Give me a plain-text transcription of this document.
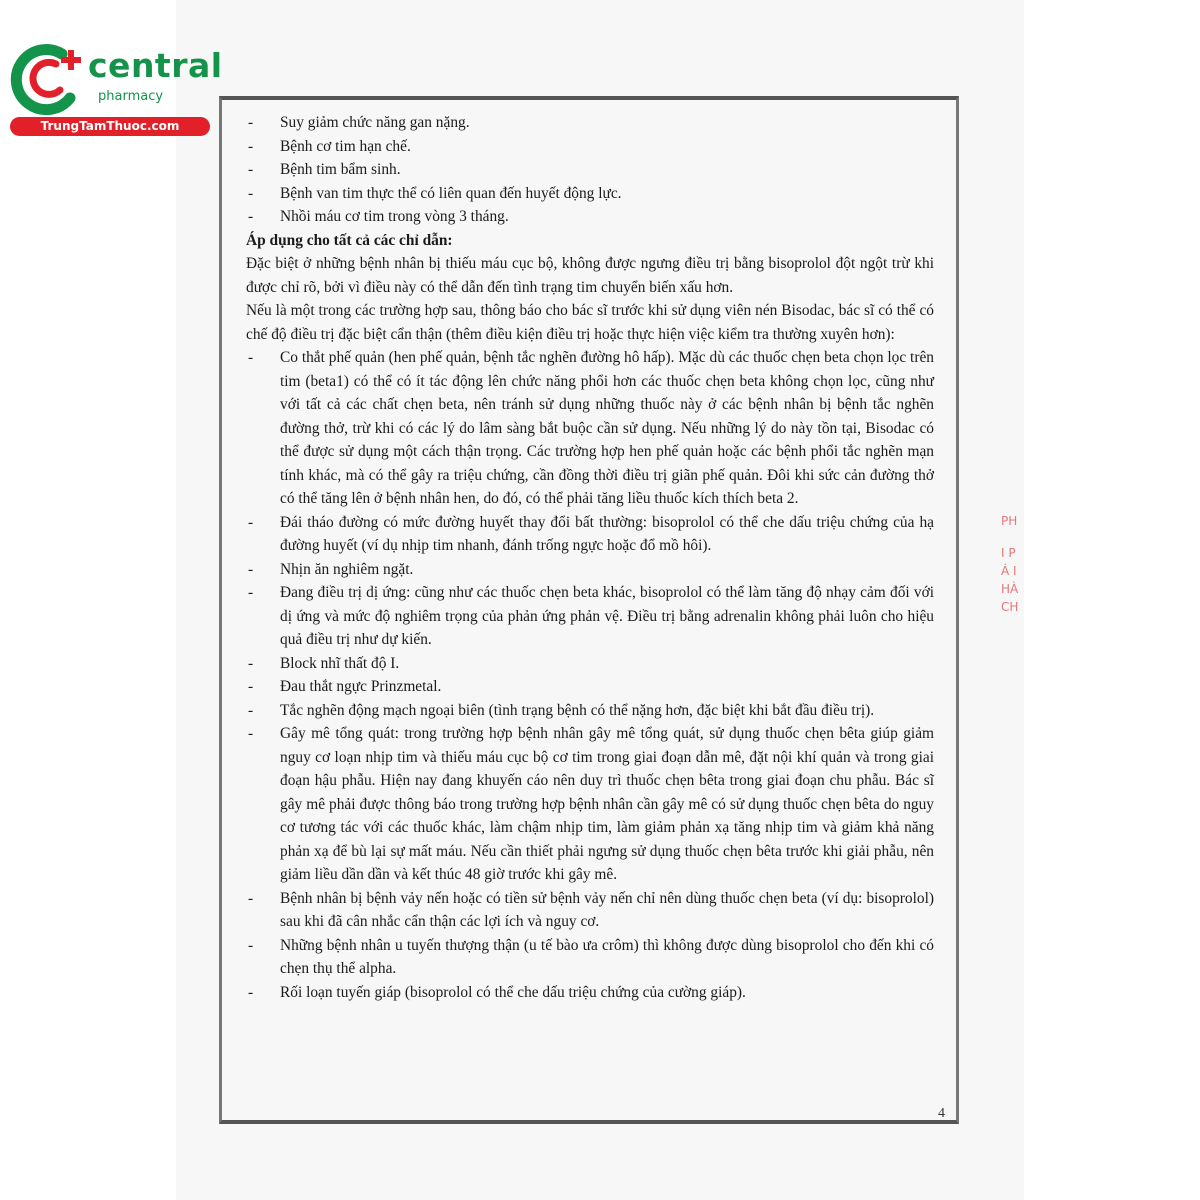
central
pharmacy
TrungTamThuoc.com
-	Suy giảm chức năng gan nặng.
- Bệnh cơ tim hạn chế.
- Bệnh tim bẩm sinh.
- Bệnh van tim thực thể có liên quan đến huyết động lực.
- Nhồi máu cơ tim trong vòng 3 tháng.
Áp dụng cho tất cả các chỉ dẫn:
Đặc biệt ở những bệnh nhân bị thiếu máu cục bộ, không được ngưng điều trị bằng bisoprolol đột ngột trừ khi được chỉ rõ, bởi vì điều này có thể dẫn đến tình trạng tim chuyển biến xấu hơn.
Nếu là một trong các trường hợp sau, thông báo cho bác sĩ trước khi sử dụng viên nén Bisodac, bác sĩ có thể có chế độ điều trị đặc biệt cẩn thận (thêm điều kiện điều trị hoặc thực hiện việc kiểm tra thường xuyên hơn):
- Co thắt phế quản (hen phế quản, bệnh tắc nghẽn đường hô hấp). Mặc dù các thuốc chẹn beta chọn lọc trên tim (beta1) có thể có ít tác động lên chức năng phổi hơn các thuốc chẹn beta không chọn lọc, cũng như với tất cả các chất chẹn beta, nên tránh sử dụng những thuốc này ở các bệnh nhân bị bệnh tắc nghẽn đường thở, trừ khi có các lý do lâm sàng bắt buộc cần sử dụng. Nếu những lý do này tồn tại, Bisodac có thể được sử dụng một cách thận trọng. Các trường hợp hen phế quản hoặc các bệnh phổi tắc nghẽn mạn tính khác, mà có thể gây ra triệu chứng, cần đồng thời điều trị giãn phế quản. Đôi khi sức cản đường thở có thể tăng lên ở bệnh nhân hen, do đó, có thể phải tăng liều thuốc kích thích beta 2.
- Đái tháo đường có mức đường huyết thay đổi bất thường: bisoprolol có thể che dấu triệu chứng của hạ đường huyết (ví dụ nhịp tim nhanh, đánh trống ngực hoặc đổ mồ hôi).
- Nhịn ăn nghiêm ngặt.
- Đang điều trị dị ứng: cũng như các thuốc chẹn beta khác, bisoprolol có thể làm tăng độ nhạy cảm đối với dị ứng và mức độ nghiêm trọng của phản ứng phản vệ. Điều trị bằng adrenalin không phải luôn cho hiệu quả điều trị như dự kiến.
- Block nhĩ thất độ I.
- Đau thắt ngực Prinzmetal.
- Tắc nghẽn động mạch ngoại biên (tình trạng bệnh có thể nặng hơn, đặc biệt khi bắt đầu điều trị).
- Gây mê tổng quát: trong trường hợp bệnh nhân gây mê tổng quát, sử dụng thuốc chẹn bêta giúp giảm nguy cơ loạn nhịp tim và thiếu máu cục bộ cơ tim trong giai đoạn dẫn mê, đặt nội khí quản và trong giai đoạn hậu phẫu. Hiện nay đang khuyến cáo nên duy trì thuốc chẹn bêta trong giai đoạn chu phẫu. Bác sĩ gây mê phải được thông báo trong trường hợp bệnh nhân cần gây mê có sử dụng thuốc chẹn bêta do nguy cơ tương tác với các thuốc khác, làm chậm nhịp tim, làm giảm phản xạ tăng nhịp tim và giảm khả năng phản xạ để bù lại sự mất máu. Nếu cần thiết phải ngưng sử dụng thuốc chẹn bêta trước khi giải phẫu, nên giảm liều dần dần và kết thúc 48 giờ trước khi gây mê.
- Bệnh nhân bị bệnh vảy nến hoặc có tiền sử bệnh vảy nến chỉ nên dùng thuốc chẹn beta (ví dụ: bisoprolol) sau khi đã cân nhắc cẩn thận các lợi ích và nguy cơ.
- Những bệnh nhân u tuyến thượng thận (u tế bào ưa crôm) thì không được dùng bisoprolol cho đến khi có chẹn thụ thể alpha.
- Rối loạn tuyến giáp (bisoprolol có thể che dấu triệu chứng của cường giáp).
4
PH
I P
Á I
HÀ
CH
